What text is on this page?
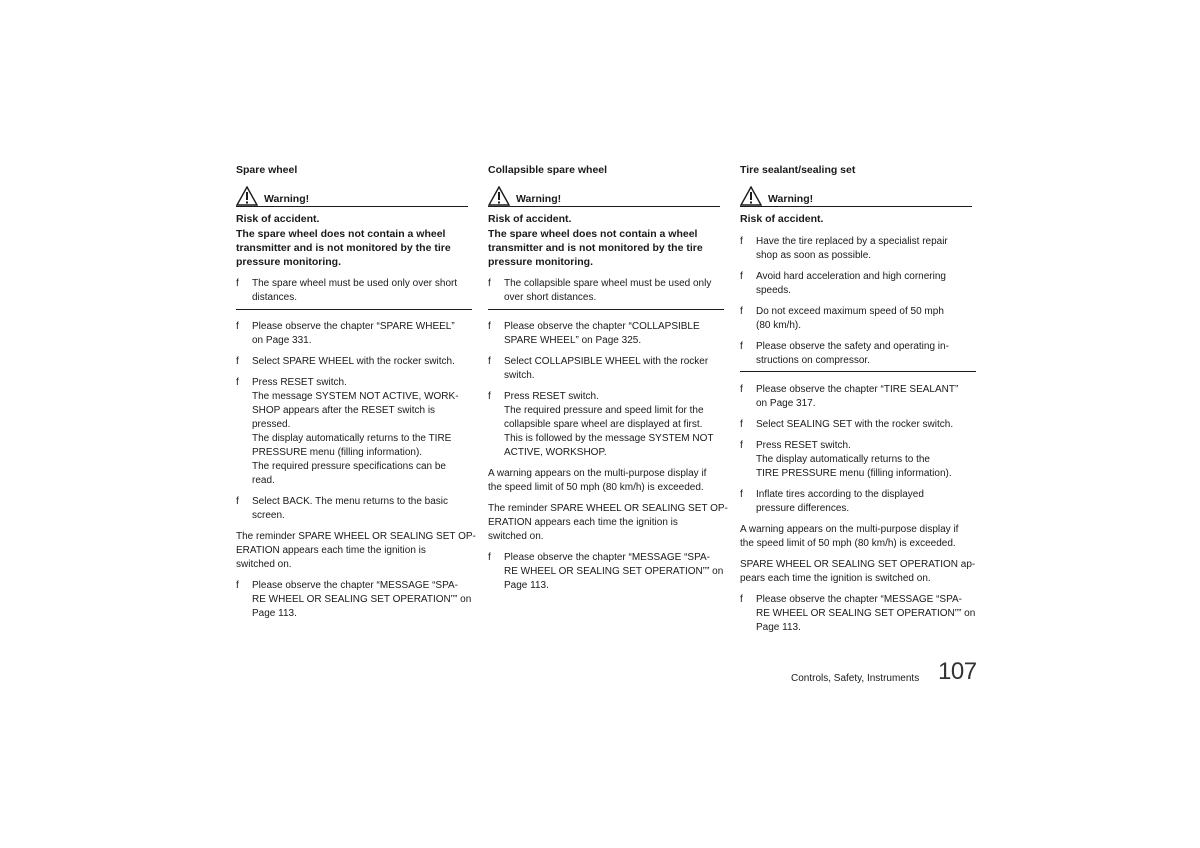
Spare wheel
Warning!
Risk of accident.
The spare wheel does not contain a wheel transmitter and is not monitored by the tire pressure monitoring.
f The spare wheel must be used only over short
distances.
f Please observe the chapter “SPARE WHEEL”
on Page 331.
f Select SPARE WHEEL with the rocker switch.
f Press RESET switch.
The message SYSTEM NOT ACTIVE, WORK-
SHOP appears after the RESET switch is
pressed.
The display automatically returns to the TIRE
PRESSURE menu (filling information).
The required pressure specifications can be
read.
f Select BACK. The menu returns to the basic
screen.
The reminder SPARE WHEEL OR SEALING SET OP-
ERATION appears each time the ignition is
switched on.
f Please observe the chapter “MESSAGE “SPA-
RE WHEEL OR SEALING SET OPERATION”” on
Page 113.
Collapsible spare wheel
Warning!
Risk of accident.
The spare wheel does not contain a wheel transmitter and is not monitored by the tire pressure monitoring.
f The collapsible spare wheel must be used only
over short distances.
f Please observe the chapter “COLLAPSIBLE
SPARE WHEEL” on Page 325.
f Select COLLAPSIBLE WHEEL with the rocker
switch.
f Press RESET switch.
The required pressure and speed limit for the
collapsible spare wheel are displayed at first.
This is followed by the message SYSTEM NOT
ACTIVE, WORKSHOP.
A warning appears on the multi-purpose display if
the speed limit of 50 mph (80 km/h) is exceeded.
The reminder SPARE WHEEL OR SEALING SET OP-
ERATION appears each time the ignition is
switched on.
f Please observe the chapter “MESSAGE “SPA-
RE WHEEL OR SEALING SET OPERATION”” on
Page 113.
Tire sealant/sealing set
Warning!
Risk of accident.
f Have the tire replaced by a specialist repair
shop as soon as possible.
f Avoid hard acceleration and high cornering
speeds.
f Do not exceed maximum speed of 50 mph
(80 km/h).
f Please observe the safety and operating in-
structions on compressor.
f Please observe the chapter “TIRE SEALANT”
on Page 317.
f Select SEALING SET with the rocker switch.
f Press RESET switch.
The display automatically returns to the
TIRE PRESSURE menu (filling information).
f Inflate tires according to the displayed
pressure differences.
A warning appears on the multi-purpose display if
the speed limit of 50 mph (80 km/h) is exceeded.
SPARE WHEEL OR SEALING SET OPERATION ap-
pears each time the ignition is switched on.
f Please observe the chapter “MESSAGE “SPA-
RE WHEEL OR SEALING SET OPERATION”” on
Page 113.
Controls, Safety, Instruments 107
